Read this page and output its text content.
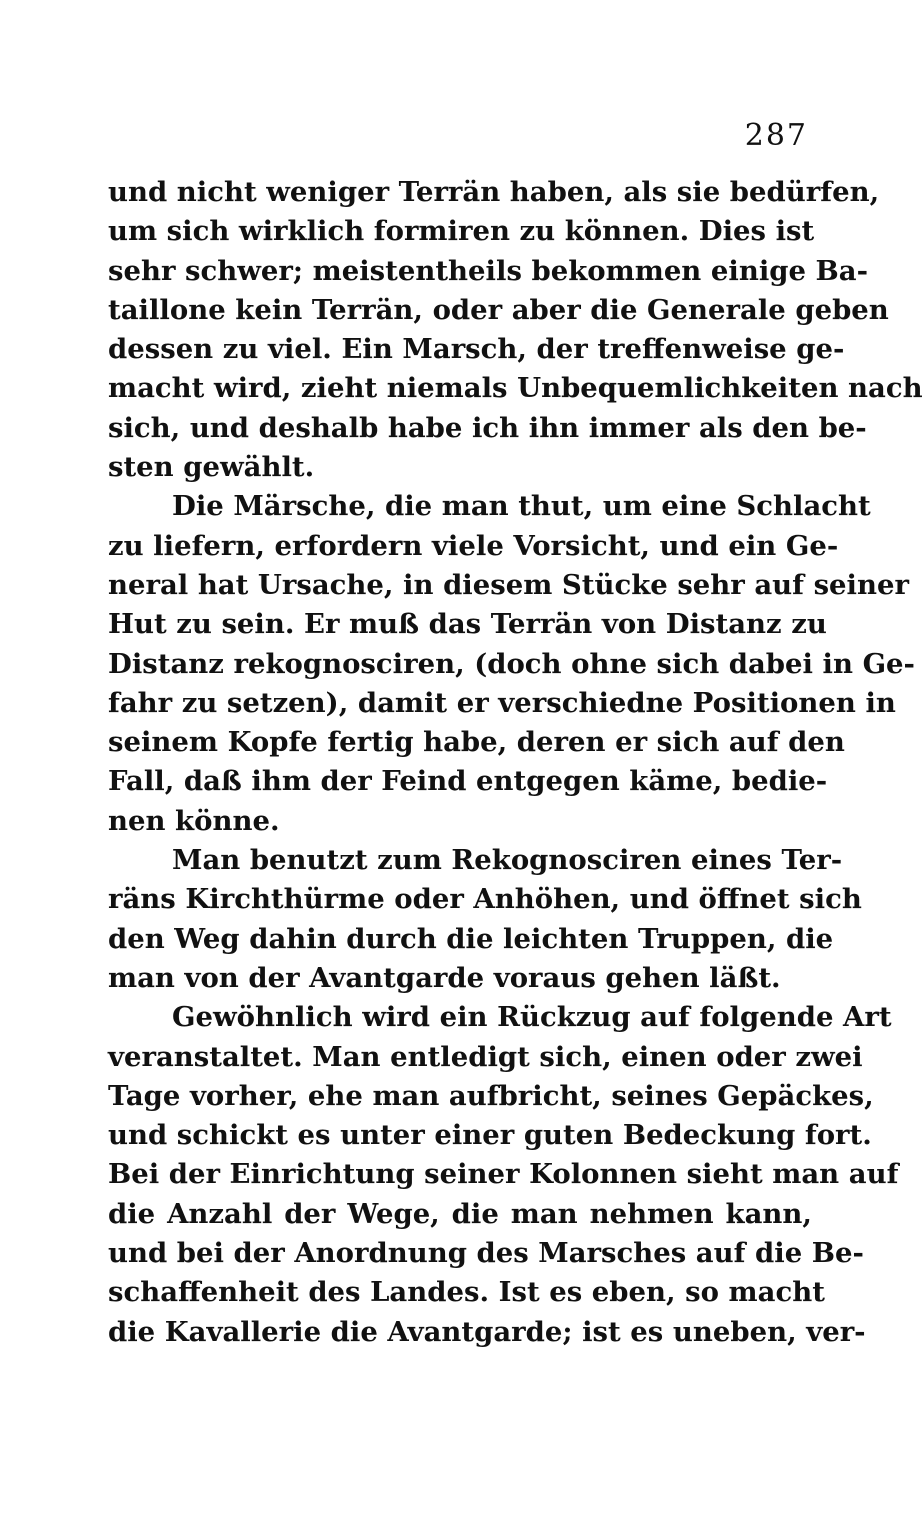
287
und nicht weniger Terrän haben, als sie bedürfen,
um sich wirklich formiren zu können. Dies ist
sehr schwer; meistentheils bekommen einige Ba-
taillone kein Terrän, oder aber die Generale geben
dessen zu viel. Ein Marsch, der treffenweise ge-
macht wird, zieht niemals Unbequemlichkeiten nach
sich, und deshalb habe ich ihn immer als den be-
sten gewählt.
Die Märsche, die man thut, um eine Schlacht
zu liefern, erfordern viele Vorsicht, und ein Ge-
neral hat Ursache, in diesem Stücke sehr auf seiner
Hut zu sein. Er muß das Terrän von Distanz zu
Distanz rekognosciren, (doch ohne sich dabei in Ge-
fahr zu setzen), damit er verschiedne Positionen in
seinem Kopfe fertig habe, deren er sich auf den
Fall, daß ihm der Feind entgegen käme, bedie-
nen könne.
Man benutzt zum Rekognosciren eines Ter-
räns Kirchthürme oder Anhöhen, und öffnet sich
den Weg dahin durch die leichten Truppen, die
man von der Avantgarde voraus gehen läßt.
Gewöhnlich wird ein Rückzug auf folgende Art
veranstaltet. Man entledigt sich, einen oder zwei
Tage vorher, ehe man aufbricht, seines Gepäckes,
und schickt es unter einer guten Bedeckung fort.
Bei der Einrichtung seiner Kolonnen sieht man auf
die Anzahl der Wege, die man nehmen kann,
und bei der Anordnung des Marsches auf die Be-
schaffenheit des Landes. Ist es eben, so macht
die Kavallerie die Avantgarde; ist es uneben, ver-
